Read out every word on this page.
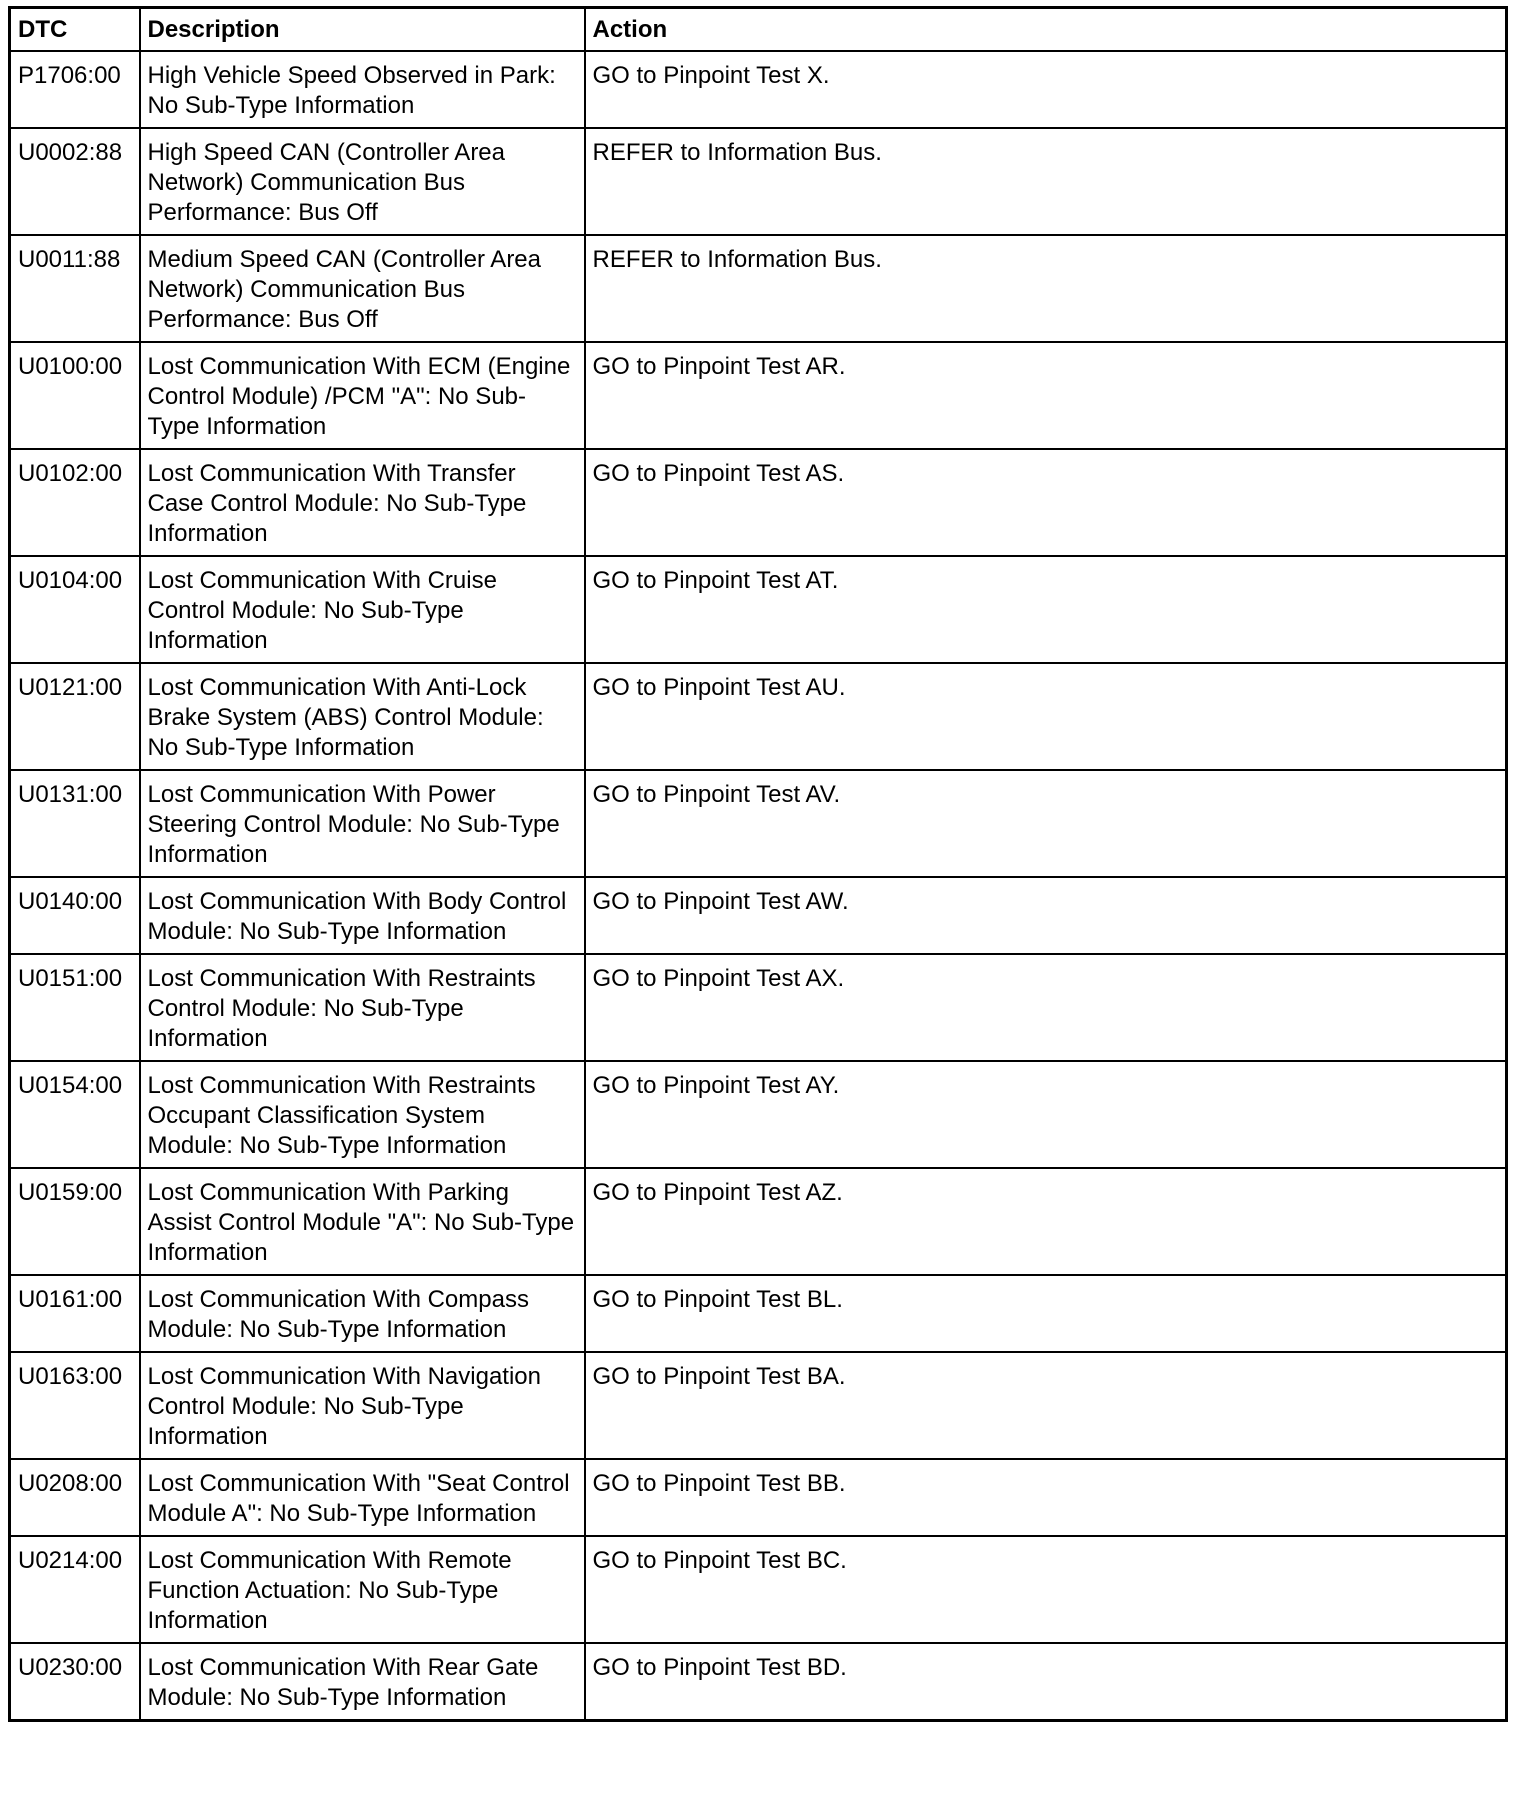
DTC	Description	Action
P1706:00	High Vehicle Speed Observed in Park: No Sub-Type Information	GO to Pinpoint Test X.
U0002:88	High Speed CAN (Controller Area Network) Communication Bus Performance: Bus Off	REFER to Information Bus.
U0011:88	Medium Speed CAN (Controller Area Network) Communication Bus Performance: Bus Off	REFER to Information Bus.
U0100:00	Lost Communication With ECM (Engine Control Module) /PCM "A": No Sub-Type Information	GO to Pinpoint Test AR.
U0102:00	Lost Communication With Transfer Case Control Module: No Sub-Type Information	GO to Pinpoint Test AS.
U0104:00	Lost Communication With Cruise Control Module: No Sub-Type Information	GO to Pinpoint Test AT.
U0121:00	Lost Communication With Anti-Lock Brake System (ABS) Control Module: No Sub-Type Information	GO to Pinpoint Test AU.
U0131:00	Lost Communication With Power Steering Control Module: No Sub-Type Information	GO to Pinpoint Test AV.
U0140:00	Lost Communication With Body Control Module: No Sub-Type Information	GO to Pinpoint Test AW.
U0151:00	Lost Communication With Restraints Control Module: No Sub-Type Information	GO to Pinpoint Test AX.
U0154:00	Lost Communication With Restraints Occupant Classification System Module: No Sub-Type Information	GO to Pinpoint Test AY.
U0159:00	Lost Communication With Parking Assist Control Module "A": No Sub-Type Information	GO to Pinpoint Test AZ.
U0161:00	Lost Communication With Compass Module: No Sub-Type Information	GO to Pinpoint Test BL.
U0163:00	Lost Communication With Navigation Control Module: No Sub-Type Information	GO to Pinpoint Test BA.
U0208:00	Lost Communication With "Seat Control Module A": No Sub-Type Information	GO to Pinpoint Test BB.
U0214:00	Lost Communication With Remote Function Actuation: No Sub-Type Information	GO to Pinpoint Test BC.
U0230:00	Lost Communication With Rear Gate Module: No Sub-Type Information	GO to Pinpoint Test BD.
